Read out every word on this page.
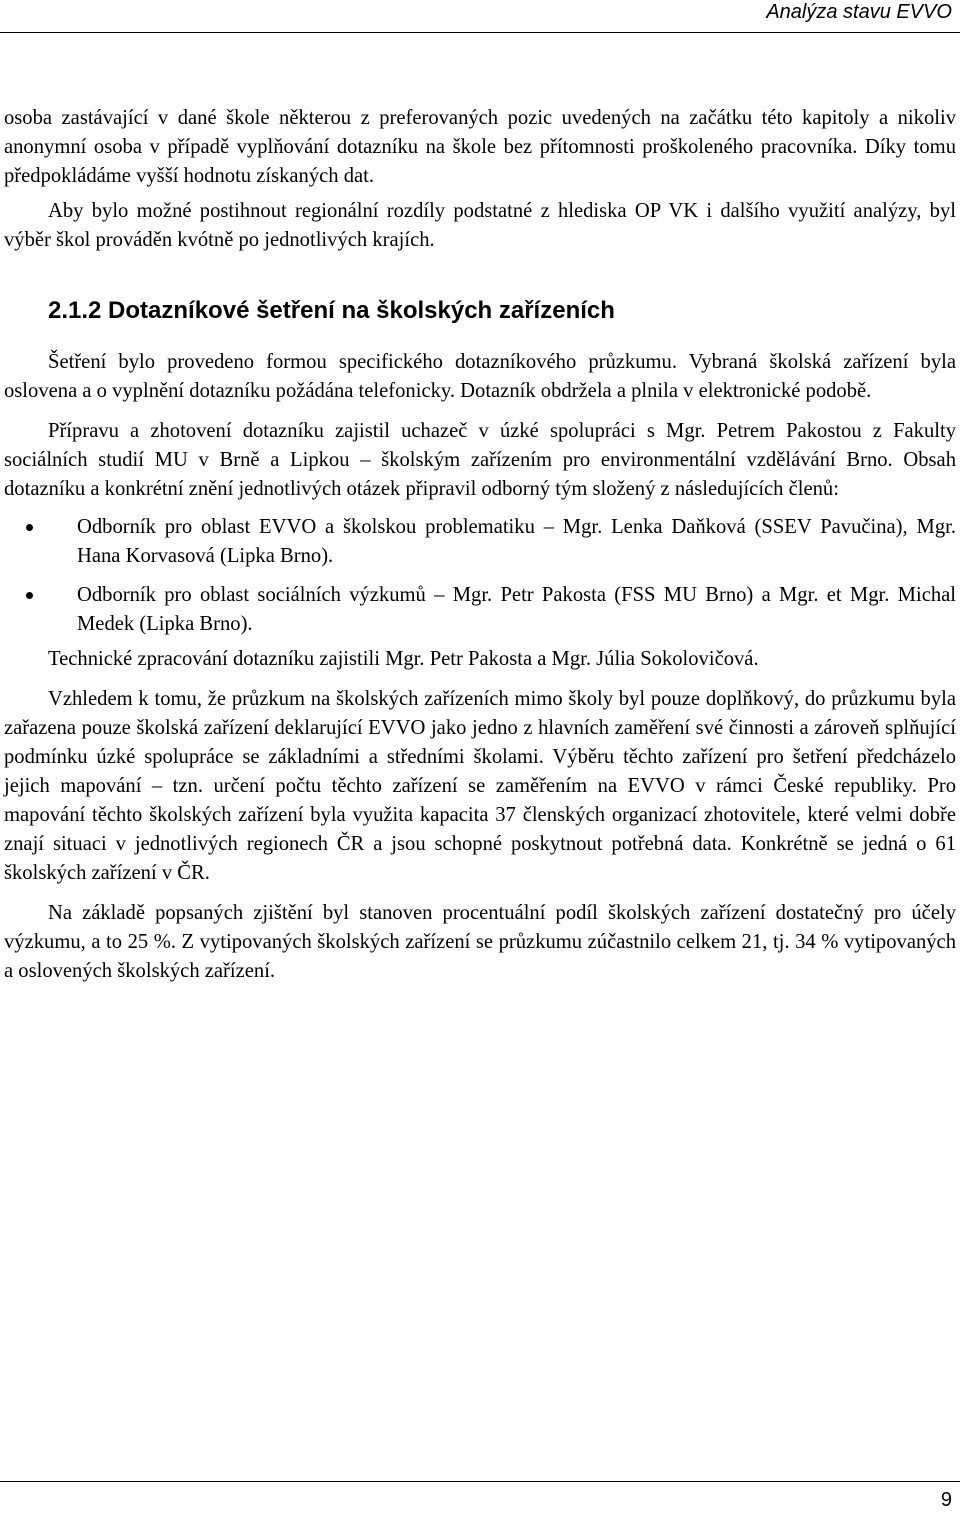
Analýza stavu EVVO

osoba zastávající v dané škole některou z preferovaných pozic uvedených na začátku této kapitoly a nikoliv anonymní osoba v případě vyplňování dotazníku na škole bez přítomnosti proškoleného pracovníka. Díky tomu předpokládáme vyšší hodnotu získaných dat.

Aby bylo možné postihnout regionální rozdíly podstatné z hlediska OP VK i dalšího využití analýzy, byl výběr škol prováděn kvótně po jednotlivých krajích.

2.1.2 Dotazníkové šetření na školských zařízeních

Šetření bylo provedeno formou specifického dotazníkového průzkumu. Vybraná školská zařízení byla oslovena a o vyplnění dotazníku požádána telefonicky. Dotazník obdržela a plnila v elektronické podobě.

Přípravu a zhotovení dotazníku zajistil uchazeč v úzké spolupráci s Mgr. Petrem Pakostou z Fakulty sociálních studií MU v Brně a Lipkou – školským zařízením pro environmentální vzdělávání Brno. Obsah dotazníku a konkrétní znění jednotlivých otázek připravil odborný tým složený z následujících členů:

Odborník pro oblast EVVO a školskou problematiku – Mgr. Lenka Daňková (SSEV Pavučina), Mgr. Hana Korvasová (Lipka Brno).
Odborník pro oblast sociálních výzkumů – Mgr. Petr Pakosta (FSS MU Brno) a Mgr. et Mgr. Michal Medek (Lipka Brno).

Technické zpracování dotazníku zajistili Mgr. Petr Pakosta a Mgr. Júlia Sokolovičová.

Vzhledem k tomu, že průzkum na školských zařízeních mimo školy byl pouze doplňkový, do průzkumu byla zařazena pouze školská zařízení deklarující EVVO jako jedno z hlavních zaměření své činnosti a zároveň splňující podmínku úzké spolupráce se základními a středními školami. Výběru těchto zařízení pro šetření předcházelo jejich mapování – tzn. určení počtu těchto zařízení se zaměřením na EVVO v rámci České republiky. Pro mapování těchto školských zařízení byla využita kapacita 37 členských organizací zhotovitele, které velmi dobře znají situaci v jednotlivých regionech ČR a jsou schopné poskytnout potřebná data. Konkrétně se jedná o 61 školských zařízení v ČR.

Na základě popsaných zjištění byl stanoven procentuální podíl školských zařízení dostatečný pro účely výzkumu, a to 25 %. Z vytipovaných školských zařízení se průzkumu zúčastnilo celkem 21, tj. 34 % vytipovaných a oslovených školských zařízení.

9
